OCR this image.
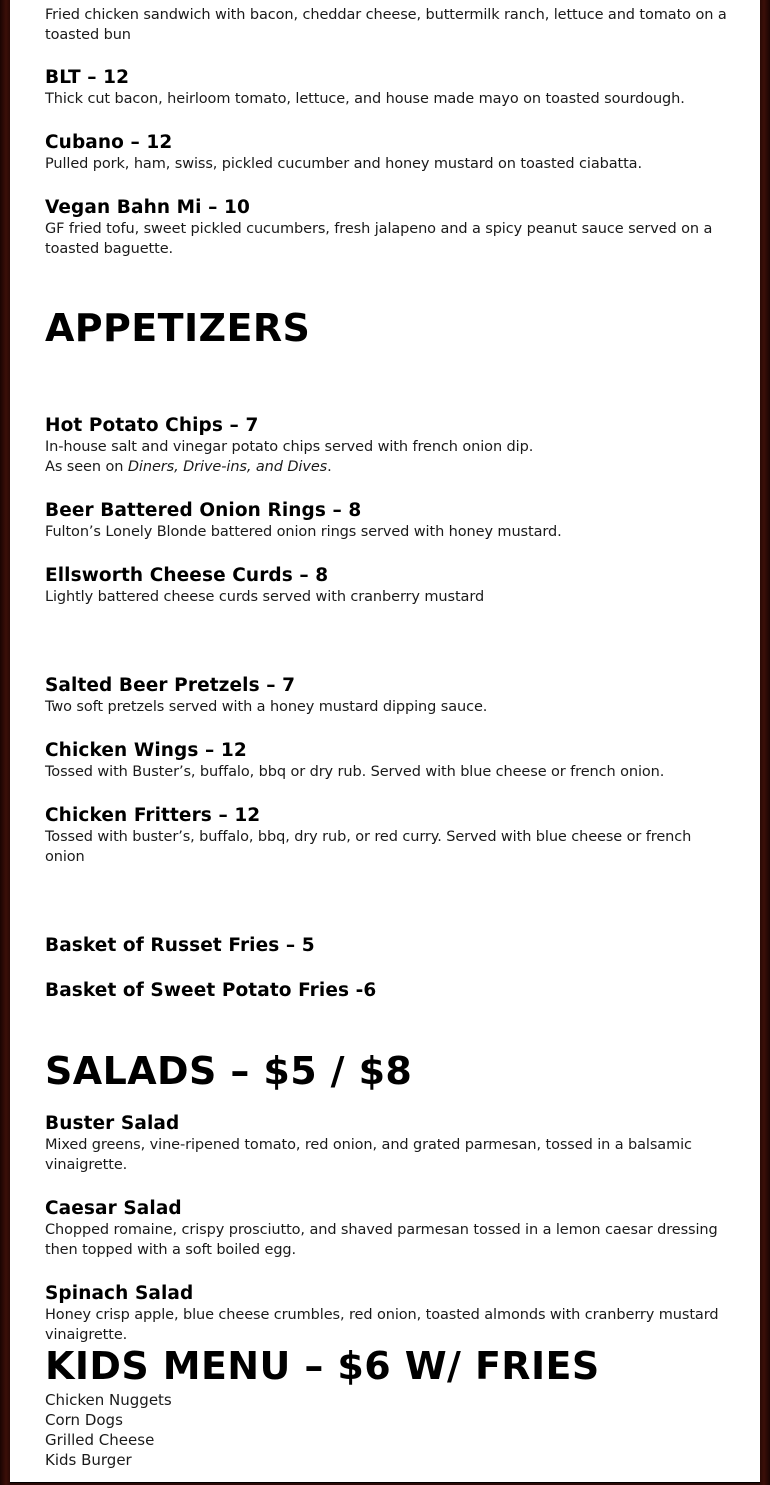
Fried chicken sandwich with bacon, cheddar cheese, buttermilk ranch, lettuce and tomato on a toasted bun

BLT – 12

Thick cut bacon, heirloom tomato, lettuce, and house made mayo on toasted sourdough.

Cubano – 12

Pulled pork, ham, swiss, pickled cucumber and honey mustard on toasted ciabatta.

Vegan Bahn Mi – 10

GF fried tofu, sweet pickled cucumbers, fresh jalapeno and a spicy peanut sauce served on a toasted baguette.

APPETIZERS

Hot Potato Chips – 7

In-house salt and vinegar potato chips served with french onion dip.

As seen on Diners, Drive-ins, and Dives.

Beer Battered Onion Rings – 8

Fulton’s Lonely Blonde battered onion rings served with honey mustard.

Ellsworth Cheese Curds – 8

Lightly battered cheese curds served with cranberry mustard

Salted Beer Pretzels – 7

Two soft pretzels served with a honey mustard dipping sauce.

Chicken Wings – 12

Tossed with Buster’s, buffalo, bbq or dry rub. Served with blue cheese or french onion.

Chicken Fritters – 12

Tossed with buster’s, buffalo, bbq, dry rub, or red curry. Served with blue cheese or french onion

Basket of Russet Fries – 5

Basket of Sweet Potato Fries -6

SALADS – $5 / $8

Buster Salad

Mixed greens, vine-ripened tomato, red onion, and grated parmesan, tossed in a balsamic vinaigrette.

Caesar Salad

Chopped romaine, crispy prosciutto, and shaved parmesan tossed in a lemon caesar dressing then topped with a soft boiled egg.

Spinach Salad

Honey crisp apple, blue cheese crumbles, red onion, toasted almonds with cranberry mustard vinaigrette.

KIDS MENU – $6 W/ FRIES

Chicken Nuggets

Corn Dogs

Grilled Cheese

Kids Burger
